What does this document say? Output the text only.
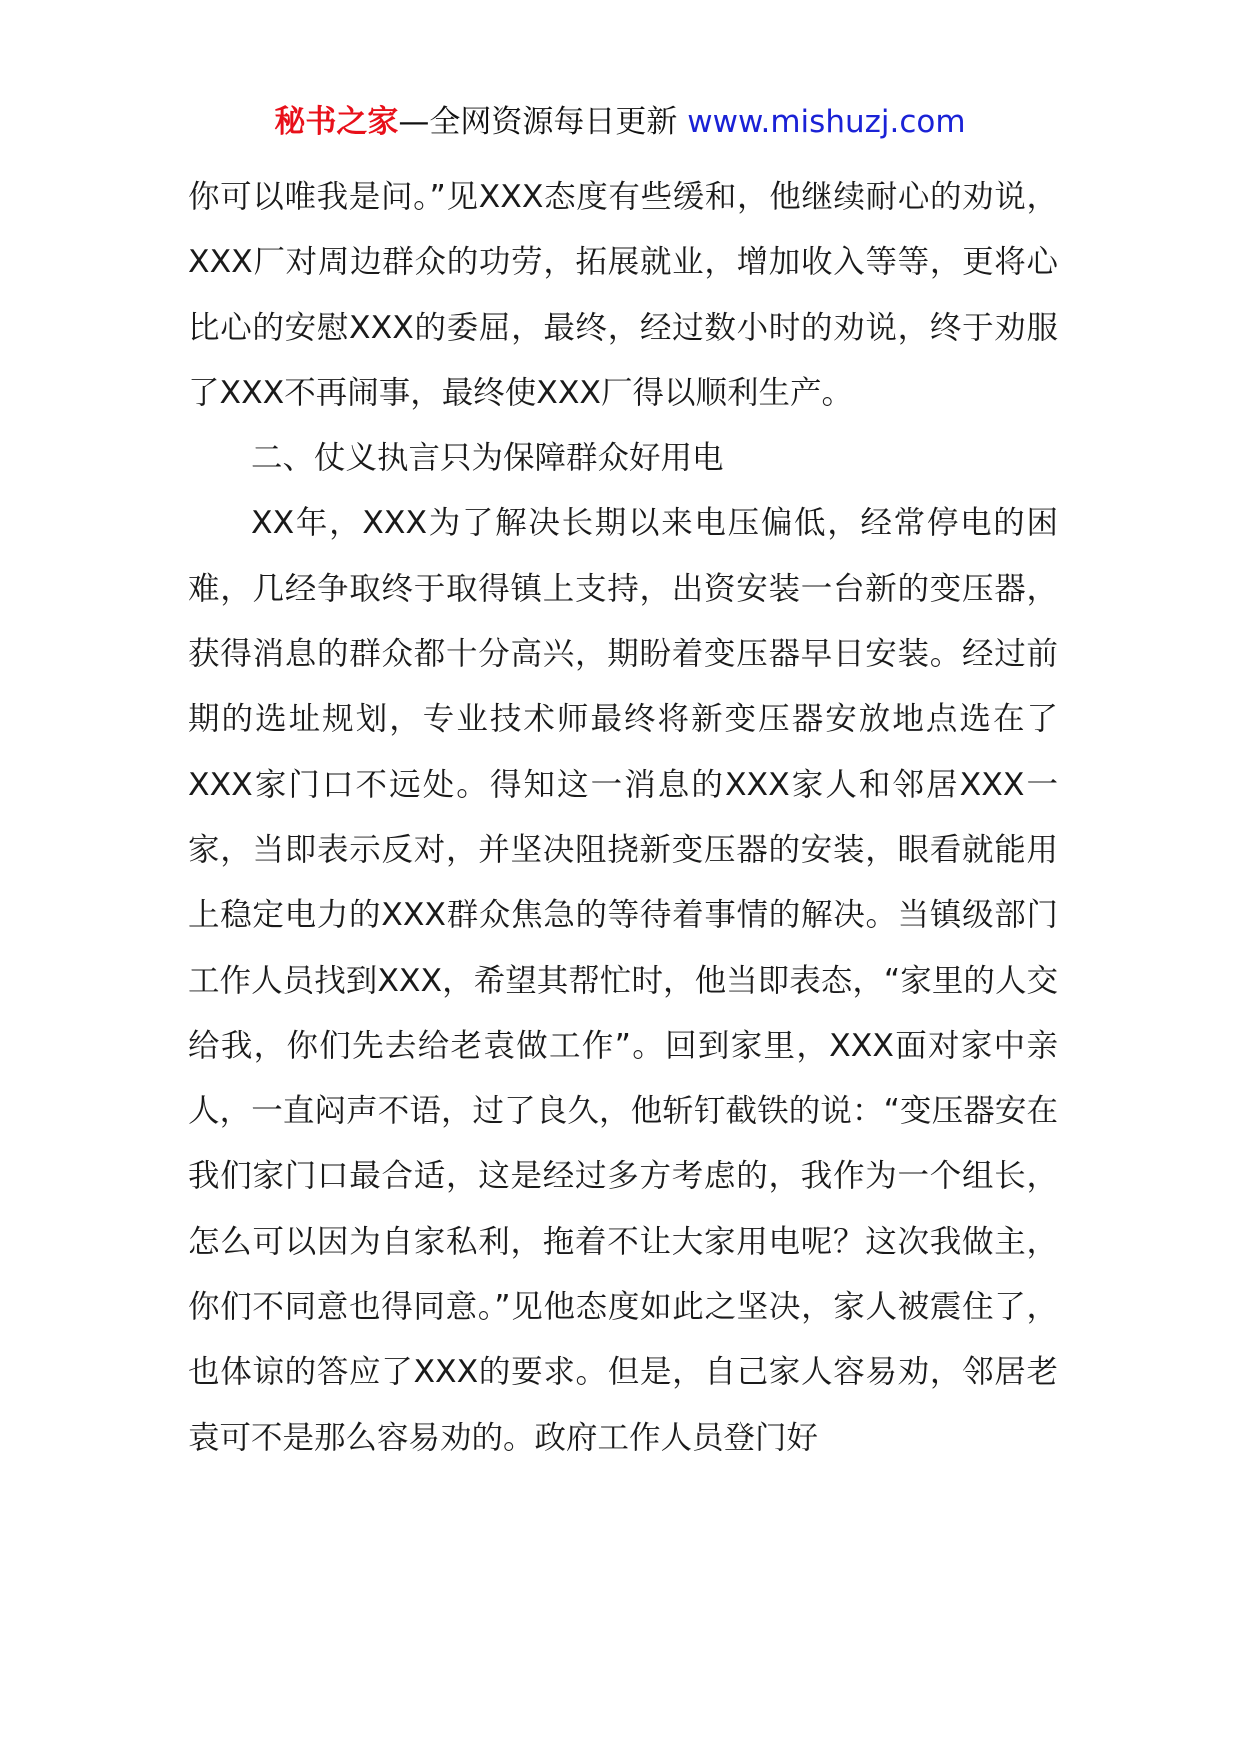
秘书之家—全网资源每日更新 www.mishuzj.com

你可以唯我是问。”见XXX态度有些缓和，他继续耐心的劝说，XXX厂对周边群众的功劳，拓展就业，增加收入等等，更将心比心的安慰XXX的委屈，最终，经过数小时的劝说，终于劝服了XXX不再闹事，最终使XXX厂得以顺利生产。

二、仗义执言只为保障群众好用电

XX年，XXX为了解决长期以来电压偏低，经常停电的困难，几经争取终于取得镇上支持，出资安装一台新的变压器，获得消息的群众都十分高兴，期盼着变压器早日安装。经过前期的选址规划，专业技术师最终将新变压器安放地点选在了XXX家门口不远处。得知这一消息的XXX家人和邻居XXX一家，当即表示反对，并坚决阻挠新变压器的安装，眼看就能用上稳定电力的XXX群众焦急的等待着事情的解决。当镇级部门工作人员找到XXX，希望其帮忙时，他当即表态，“家里的人交给我，你们先去给老袁做工作”。回到家里，XXX面对家中亲人，一直闷声不语，过了良久，他斩钉截铁的说：“变压器安在我们家门口最合适，这是经过多方考虑的，我作为一个组长，怎么可以因为自家私利，拖着不让大家用电呢？这次我做主，你们不同意也得同意。”见他态度如此之坚决，家人被震住了，也体谅的答应了XXX的要求。但是，自己家人容易劝，邻居老袁可不是那么容易劝的。政府工作人员登门好
